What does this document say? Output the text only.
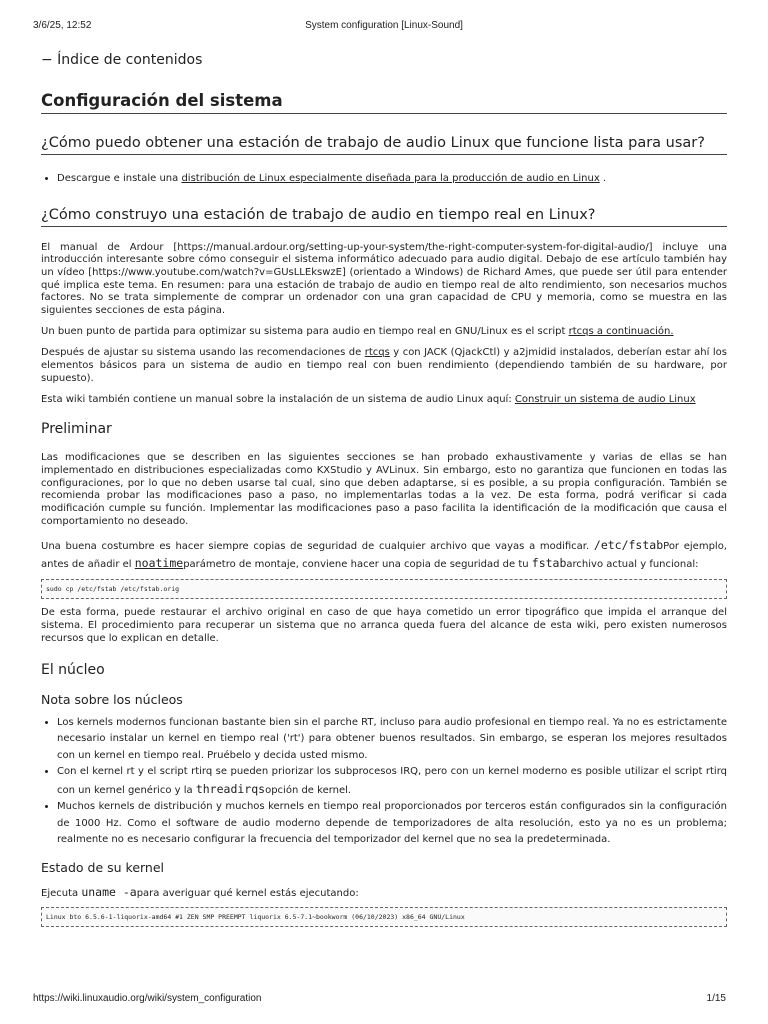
3/6/25, 12:52	System configuration [Linux-Sound]
− Índice de contenidos
Configuración del sistema
¿Cómo puedo obtener una estación de trabajo de audio Linux que funcione lista para usar?
• Descargue e instale una distribución de Linux especialmente diseñada para la producción de audio en Linux .
¿Cómo construyo una estación de trabajo de audio en tiempo real en Linux?

El manual de Ardour [https://manual.ardour.org/setting-up-your-system/the-right-computer-system-for-digital-audio/] incluye una introducción interesante sobre cómo conseguir el sistema informático adecuado para audio digital. Debajo de ese artículo también hay un vídeo [https://www.youtube.com/watch?v=GUsLLEkswzE] (orientado a Windows) de Richard Ames, que puede ser útil para entender qué implica este tema. En resumen: para una estación de trabajo de audio en tiempo real de alto rendimiento, son necesarios muchos factores. No se trata simplemente de comprar un ordenador con una gran capacidad de CPU y memoria, como se muestra en las siguientes secciones de esta página.

Un buen punto de partida para optimizar su sistema para audio en tiempo real en GNU/Linux es el script rtcqs a continuación.

Después de ajustar su sistema usando las recomendaciones de rtcqs y con JACK (QjackCtl) y a2jmidid instalados, deberían estar ahí los elementos básicos para un sistema de audio en tiempo real con buen rendimiento (dependiendo también de su hardware, por supuesto).

Esta wiki también contiene un manual sobre la instalación de un sistema de audio Linux aquí: Construir un sistema de audio Linux

Preliminar

Las modificaciones que se describen en las siguientes secciones se han probado exhaustivamente y varias de ellas se han implementado en distribuciones especializadas como KXStudio y AVLinux. Sin embargo, esto no garantiza que funcionen en todas las configuraciones, por lo que no deben usarse tal cual, sino que deben adaptarse, si es posible, a su propia configuración. También se recomienda probar las modificaciones paso a paso, no implementarlas todas a la vez. De esta forma, podrá verificar si cada modificación cumple su función. Implementar las modificaciones paso a paso facilita la identificación de la modificación que causa el comportamiento no deseado.

Una buena costumbre es hacer siempre copias de seguridad de cualquier archivo que vayas a modificar. /etc/fstabPor ejemplo, antes de añadir el noatimeparámetro de montaje, conviene hacer una copia de seguridad de tu fstabarchivo actual y funcional:

sudo cp /etc/fstab /etc/fstab.orig

De esta forma, puede restaurar el archivo original en caso de que haya cometido un error tipográfico que impida el arranque del sistema. El procedimiento para recuperar un sistema que no arranca queda fuera del alcance de esta wiki, pero existen numerosos recursos que lo explican en detalle.

El núcleo
Nota sobre los núcleos
• Los kernels modernos funcionan bastante bien sin el parche RT, incluso para audio profesional en tiempo real. Ya no es estrictamente necesario instalar un kernel en tiempo real ('rt') para obtener buenos resultados. Sin embargo, se esperan los mejores resultados con un kernel en tiempo real. Pruébelo y decida usted mismo.
• Con el kernel rt y el script rtirq se pueden priorizar los subprocesos IRQ, pero con un kernel moderno es posible utilizar el script rtirq con un kernel genérico y la threadirqsopción de kernel.
• Muchos kernels de distribución y muchos kernels en tiempo real proporcionados por terceros están configurados sin la configuración de 1000 Hz. Como el software de audio moderno depende de temporizadores de alta resolución, esto ya no es un problema; realmente no es necesario configurar la frecuencia del temporizador del kernel que no sea la predeterminada.
Estado de su kernel

Ejecuta uname -apara averiguar qué kernel estás ejecutando:

Linux bto 6.5.6-1-liquorix-amd64 #1 ZEN SMP PREEMPT liquorix 6.5-7.1~bookworm (06/10/2023) x86_64 GNU/Linux
https://wiki.linuxaudio.org/wiki/system_configuration	1/15
